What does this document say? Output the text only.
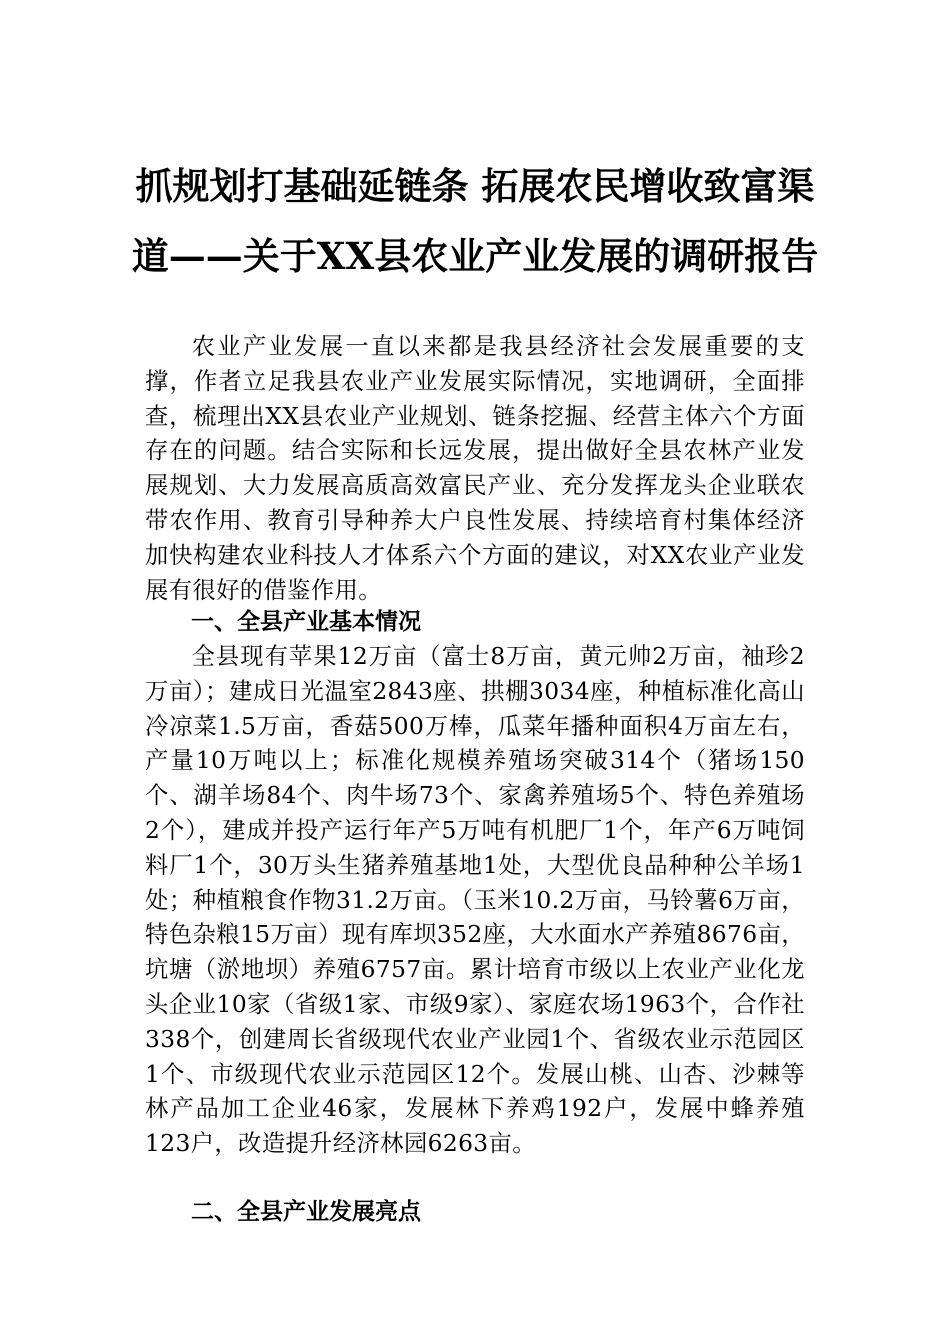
抓规划打基础延链条 拓展农民增收致富渠
道——关于XX县农业产业发展的调研报告

农业产业发展一直以来都是我县经济社会发展重要的支撑，作者立足我县农业产业发展实际情况，实地调研，全面排查，梳理出XX县农业产业规划、链条挖掘、经营主体六个方面存在的问题。结合实际和长远发展，提出做好全县农林产业发展规划、大力发展高质高效富民产业、充分发挥龙头企业联农带农作用、教育引导种养大户良性发展、持续培育村集体经济加快构建农业科技人才体系六个方面的建议，对XX农业产业发展有很好的借鉴作用。

一、全县产业基本情况

全县现有苹果12万亩（富士8万亩，黄元帅2万亩，袖珍2万亩）；建成日光温室2843座、拱棚3034座，种植标准化高山冷凉菜1.5万亩，香菇500万棒，瓜菜年播种面积4万亩左右，产量10万吨以上；标准化规模养殖场突破314个（猪场150个、湖羊场84个、肉牛场73个、家禽养殖场5个、特色养殖场2个），建成并投产运行年产5万吨有机肥厂1个，年产6万吨饲料厂1个，30万头生猪养殖基地1处，大型优良品种种公羊场1处；种植粮食作物31.2万亩。（玉米10.2万亩，马铃薯6万亩，特色杂粮15万亩）现有库坝352座，大水面水产养殖8676亩，坑塘（淤地坝）养殖6757亩。累计培育市级以上农业产业化龙头企业10家（省级1家、市级9家）、家庭农场1963个，合作社338个，创建周长省级现代农业产业园1个、省级农业示范园区1个、市级现代农业示范园区12个。发展山桃、山杏、沙棘等林产品加工企业46家，发展林下养鸡192户，发展中蜂养殖123户，改造提升经济林园6263亩。

二、全县产业发展亮点
